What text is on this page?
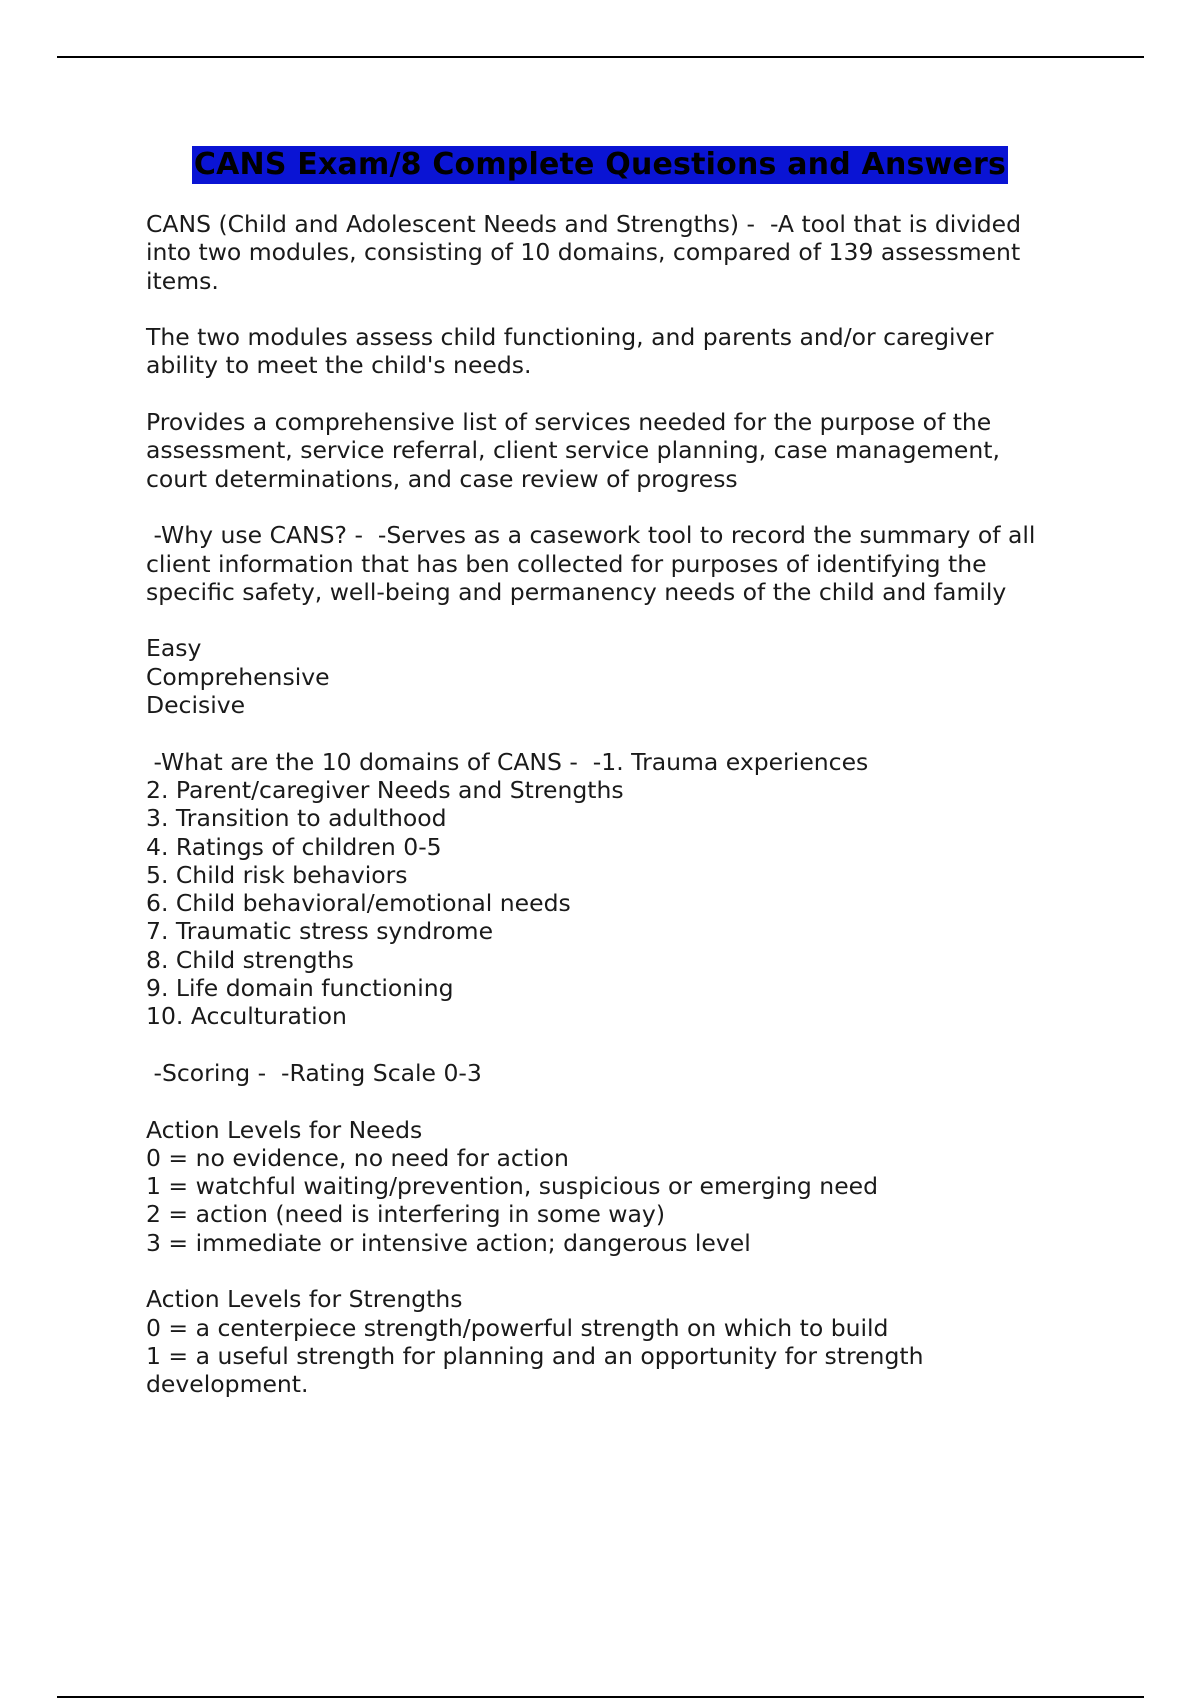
CANS Exam/8 Complete Questions and Answers
CANS (Child and Adolescent Needs and Strengths) -  -A tool that is divided
into two modules, consisting of 10 domains, compared of 139 assessment
items.
The two modules assess child functioning, and parents and/or caregiver
ability to meet the child's needs.
Provides a comprehensive list of services needed for the purpose of the
assessment, service referral, client service planning, case management,
court determinations, and case review of progress
-Why use CANS? -  -Serves as a casework tool to record the summary of all
client information that has ben collected for purposes of identifying the
specific safety, well-being and permanency needs of the child and family
Easy
Comprehensive
Decisive
-What are the 10 domains of CANS -  -1. Trauma experiences
2. Parent/caregiver Needs and Strengths
3. Transition to adulthood
4. Ratings of children 0-5
5. Child risk behaviors
6. Child behavioral/emotional needs
7. Traumatic stress syndrome
8. Child strengths
9. Life domain functioning
10. Acculturation
-Scoring -  -Rating Scale 0-3
Action Levels for Needs
0 = no evidence, no need for action
1 = watchful waiting/prevention, suspicious or emerging need
2 = action (need is interfering in some way)
3 = immediate or intensive action; dangerous level
Action Levels for Strengths
0 = a centerpiece strength/powerful strength on which to build
1 = a useful strength for planning and an opportunity for strength
development.
